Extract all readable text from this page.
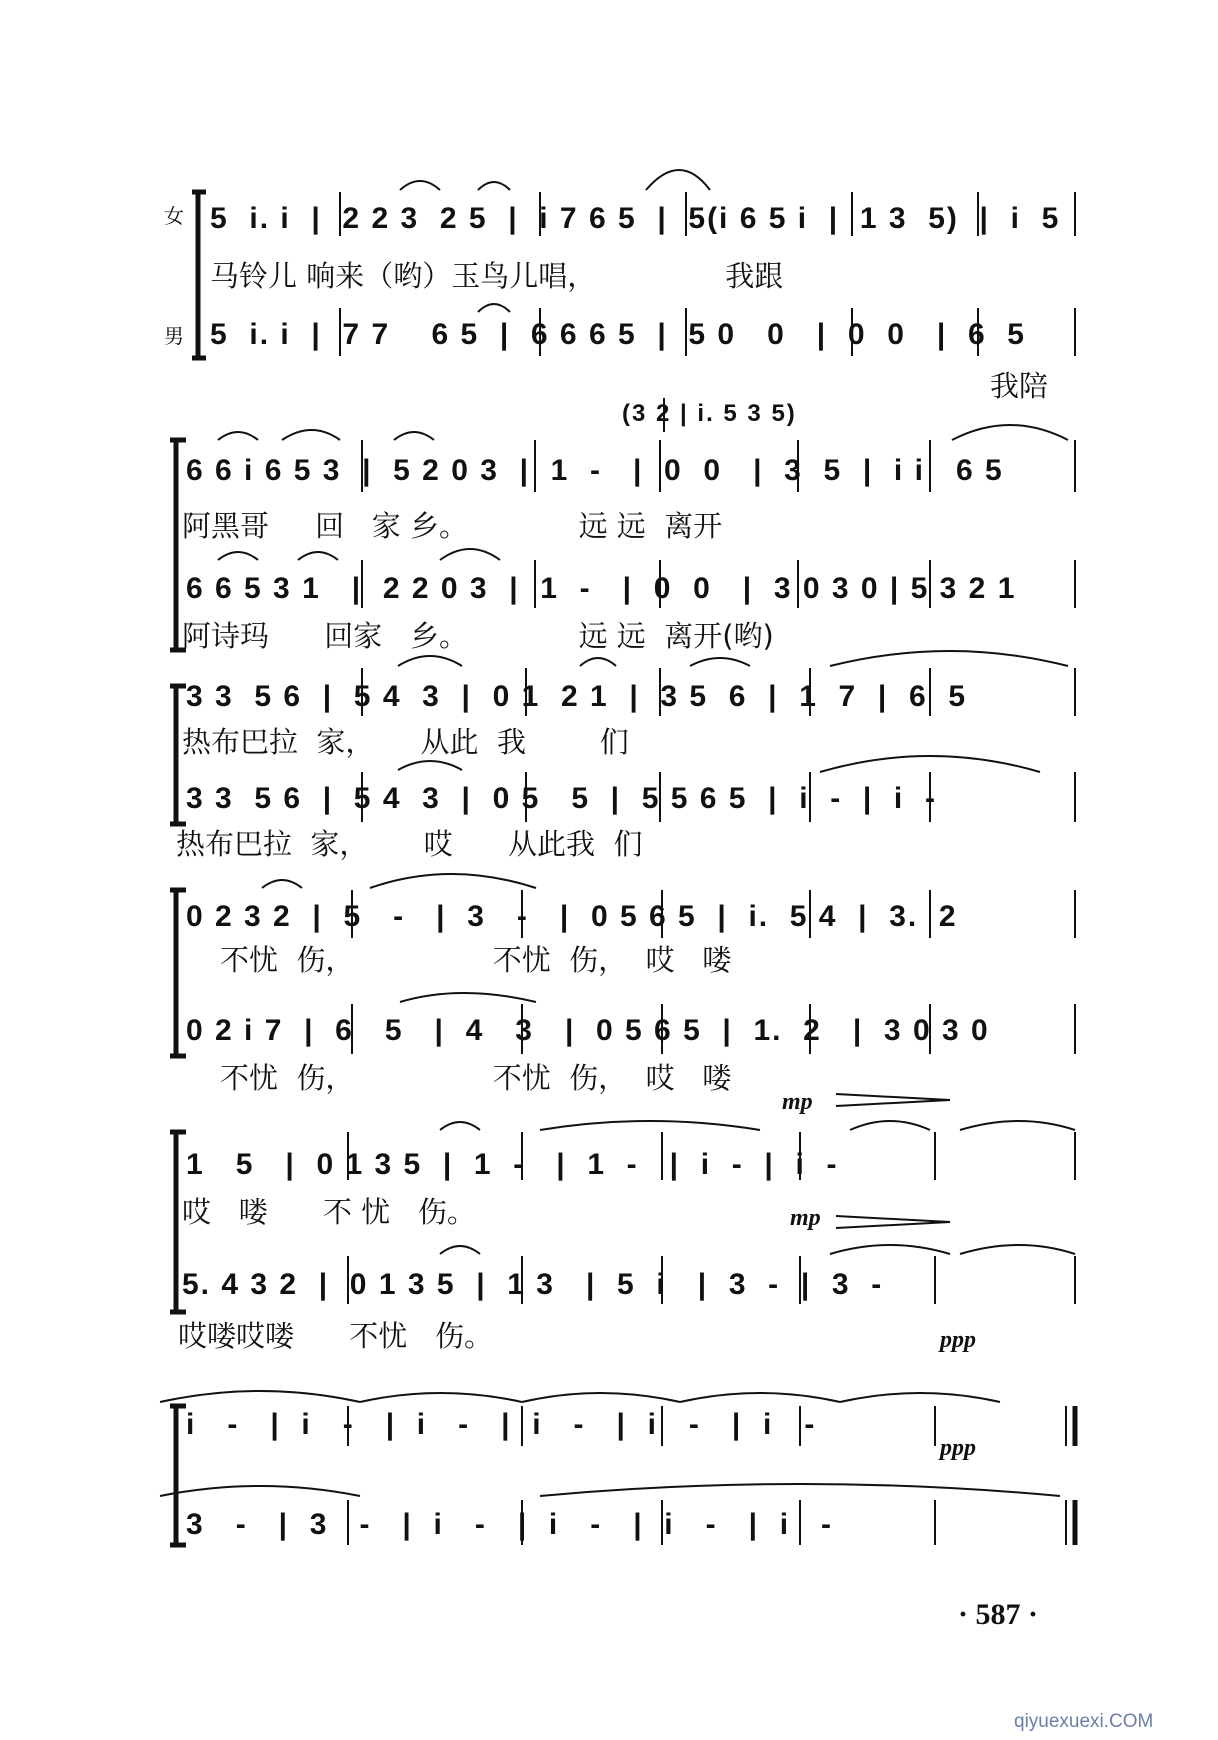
女
男
5  i. i  |  2 2 3  2 5  |  i 7 6 5  |  5(i 6 5 i  |  1 3  5)  |  i  5
马铃儿 响来（哟）玉鸟儿唱，              我跟
5  i. i  |  7 7    6 5  |  6 6 6 5  |  5 0   0   |  0  0   |  6  5
我陪
(3 2 | i. 5 3 5)
6 6 i 6 5 3  |  5 2 0 3  |  1  -   |  0  0   |  3  5  |  i i   6 5
阿黑哥     回   家 乡。            远 远  离开
6 6 5 3 1   |  2 2 0 3  |  1  -   |  0  0   |  3 0 3 0 | 5 3 2 1
阿诗玛      回家   乡。            远 远  离开(哟)
3 3  5 6  |  5 4  3  |  0 1  2 1  |  3 5  6  |  1  7  |  6  5
热布巴拉  家，     从此  我        们
3 3  5 6  |  5 4  3  |  0 5   5  |  5 5 6 5  |  i  -  |  i  -
热布巴拉  家，      哎      从此我  们
0 2 3 2  |  5   -   |  3   -   |  0 5 6 5  |  i.  5 4  |  3.  2
不忧  伤，               不忧  伤，  哎   喽
0 2 i 7  |  6   5   |  4   3   |  0 5 6 5  |  1.  2   |  3 0 3 0
不忧  伤，               不忧  伤，  哎   喽
mp
1   5   |  0 1 3 5  |  1  -   |  1  -   |  i  -  |  i  -
哎   喽      不 忧   伤。	mp
5. 4 3 2  |  0 1 3 5  |  1 3   |  5  i   |  3  -  |  3  -
哎喽哎喽      不忧   伤。	ppp
i   -   |  i   -   |  i   -   |  i   -   |  i   -   |  i   -
ppp
3   -   |  3   -   |  i   -   |  i   -   |  i   -   |  i   -
· 587 ·
qiyuexuexi.COM
